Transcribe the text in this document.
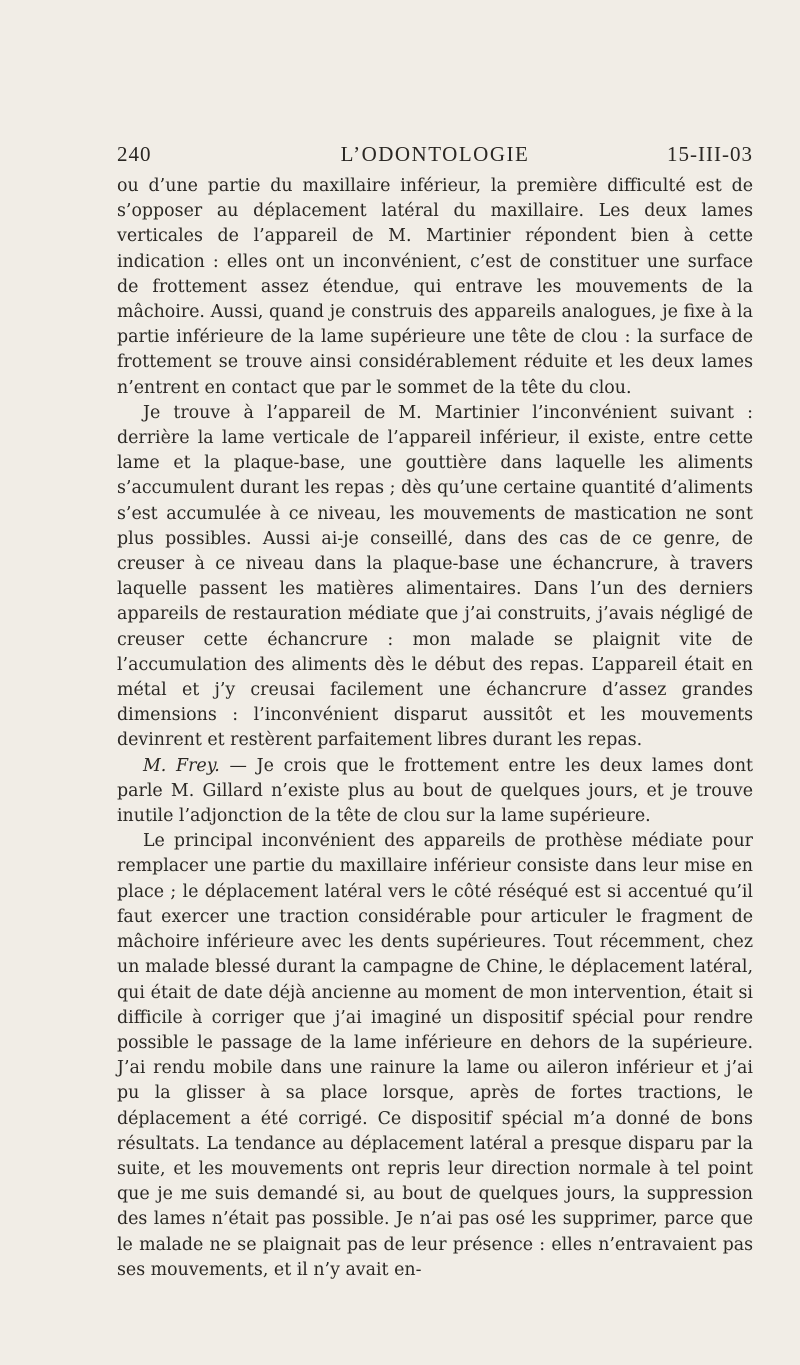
240	L’ODONTOLOGIE	15-III-03

ou d’une partie du maxillaire inférieur, la première difficulté est de s’opposer au déplacement latéral du maxillaire. Les deux lames verticales de l’appareil de M. Martinier répondent bien à cette indication : elles ont un inconvénient, c’est de constituer une surface de frottement assez étendue, qui entrave les mouvements de la mâchoire. Aussi, quand je construis des appareils analogues, je fixe à la partie inférieure de la lame supérieure une tête de clou : la surface de frottement se trouve ainsi considérablement réduite et les deux lames n’entrent en contact que par le sommet de la tête du clou.

Je trouve à l’appareil de M. Martinier l’inconvénient suivant : derrière la lame verticale de l’appareil inférieur, il existe, entre cette lame et la plaque-base, une gouttière dans laquelle les aliments s’accumulent durant les repas ; dès qu’une certaine quantité d’aliments s’est accumulée à ce niveau, les mouvements de mastication ne sont plus possibles. Aussi ai-je conseillé, dans des cas de ce genre, de creuser à ce niveau dans la plaque-base une échancrure, à travers laquelle passent les matières alimentaires. Dans l’un des derniers appareils de restauration médiate que j’ai construits, j’avais négligé de creuser cette échancrure : mon malade se plaignit vite de l’accumulation des aliments dès le début des repas. L’appareil était en métal et j’y creusai facilement une échancrure d’assez grandes dimensions : l’inconvénient disparut aussitôt et les mouvements devinrent et restèrent parfaitement libres durant les repas.

M. Frey. — Je crois que le frottement entre les deux lames dont parle M. Gillard n’existe plus au bout de quelques jours, et je trouve inutile l’adjonction de la tête de clou sur la lame supérieure.

Le principal inconvénient des appareils de prothèse médiate pour remplacer une partie du maxillaire inférieur consiste dans leur mise en place ; le déplacement latéral vers le côté réséqué est si accentué qu’il faut exercer une traction considérable pour articuler le fragment de mâchoire inférieure avec les dents supérieures. Tout récemment, chez un malade blessé durant la campagne de Chine, le déplacement latéral, qui était de date déjà ancienne au moment de mon intervention, était si difficile à corriger que j’ai imaginé un dispositif spécial pour rendre possible le passage de la lame inférieure en dehors de la supérieure. J’ai rendu mobile dans une rainure la lame ou aileron inférieur et j’ai pu la glisser à sa place lorsque, après de fortes tractions, le déplacement a été corrigé. Ce dispositif spécial m’a donné de bons résultats. La tendance au déplacement latéral a presque disparu par la suite, et les mouvements ont repris leur direction normale à tel point que je me suis demandé si, au bout de quelques jours, la suppression des lames n’était pas possible. Je n’ai pas osé les supprimer, parce que le malade ne se plaignait pas de leur présence : elles n’entravaient pas ses mouvements, et il n’y avait en-
